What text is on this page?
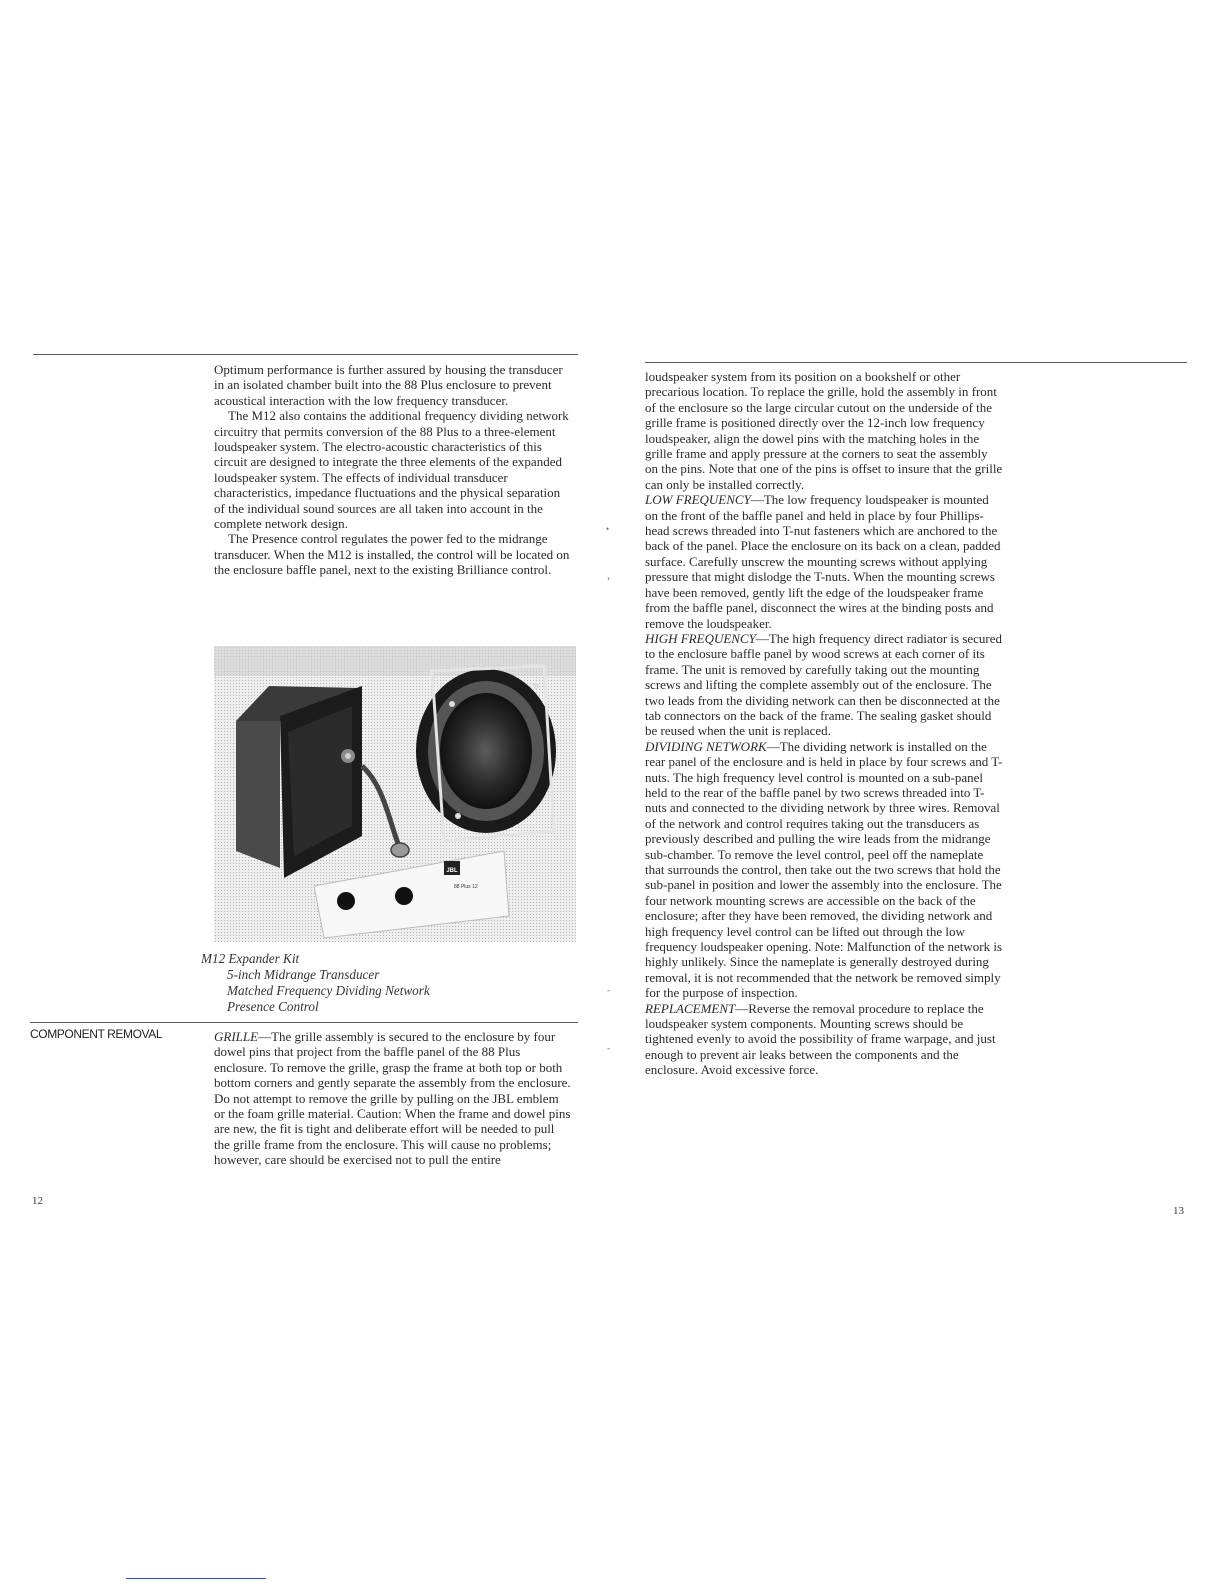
Optimum performance is further assured by housing the transducer in an isolated chamber built into the 88 Plus enclosure to prevent acoustical interaction with the low frequency transducer.

The M12 also contains the additional frequency dividing network circuitry that permits conversion of the 88 Plus to a three-element loudspeaker system. The electro-acoustic characteristics of this circuit are designed to integrate the three elements of the expanded loudspeaker system. The effects of individual transducer characteristics, impedance fluctuations and the physical separation of the individual sound sources are all taken into account in the complete network design.

The Presence control regulates the power fed to the midrange transducer. When the M12 is installed, the control will be located on the enclosure baffle panel, next to the existing Brilliance control.

JBL
88 Plus 12
M12 Expander Kit
5-inch Midrange Transducer
Matched Frequency Dividing Network
Presence Control
COMPONENT REMOVAL	GRILLE—The grille assembly is secured to the enclosure by four dowel pins that project from the baffle panel of the 88 Plus enclosure. To remove the grille, grasp the frame at both top or both bottom corners and gently separate the assembly from the enclosure. Do not attempt to remove the grille by pulling on the JBL emblem or the foam grille material. Caution: When the frame and dowel pins are new, the fit is tight and deliberate effort will be needed to pull the grille frame from the enclosure. This will cause no problems; however, care should be exercised not to pull the entire

12

loudspeaker system from its position on a bookshelf or other precarious location. To replace the grille, hold the assembly in front of the enclosure so the large circular cutout on the underside of the grille frame is positioned directly over the 12-inch low frequency loudspeaker, align the dowel pins with the matching holes in the grille frame and apply pressure at the corners to seat the assembly on the pins. Note that one of the pins is offset to insure that the grille can only be installed correctly.

LOW FREQUENCY—The low frequency loudspeaker is mounted on the front of the baffle panel and held in place by four Phillips-head screws threaded into T-nut fasteners which are anchored to the back of the panel. Place the enclosure on its back on a clean, padded surface. Carefully unscrew the mounting screws without applying pressure that might dislodge the T-nuts. When the mounting screws have been removed, gently lift the edge of the loudspeaker frame from the baffle panel, disconnect the wires at the binding posts and remove the loudspeaker.

HIGH FREQUENCY—The high frequency direct radiator is secured to the enclosure baffle panel by wood screws at each corner of its frame. The unit is removed by carefully taking out the mounting screws and lifting the complete assembly out of the enclosure. The two leads from the dividing network can then be disconnected at the tab connectors on the back of the frame. The sealing gasket should be reused when the unit is replaced.

DIVIDING NETWORK—The dividing network is installed on the rear panel of the enclosure and is held in place by four screws and T-nuts. The high frequency level control is mounted on a sub-panel held to the rear of the baffle panel by two screws threaded into T-nuts and connected to the dividing network by three wires. Removal of the network and control requires taking out the transducers as previously described and pulling the wire leads from the midrange sub-chamber. To remove the level control, peel off the nameplate that surrounds the control, then take out the two screws that hold the sub-panel in position and lower the assembly into the enclosure. The four network mounting screws are accessible on the back of the enclosure; after they have been removed, the dividing network and high frequency level control can be lifted out through the low frequency loudspeaker opening. Note: Malfunction of the network is highly unlikely. Since the nameplate is generally destroyed during removal, it is not recommended that the network be removed simply for the purpose of inspection.

REPLACEMENT—Reverse the removal procedure to replace the loudspeaker system components. Mounting screws should be tightened evenly to avoid the possibility of frame warpage, and just enough to prevent air leaks between the components and the enclosure. Avoid excessive force.

13
•
›
-
-
